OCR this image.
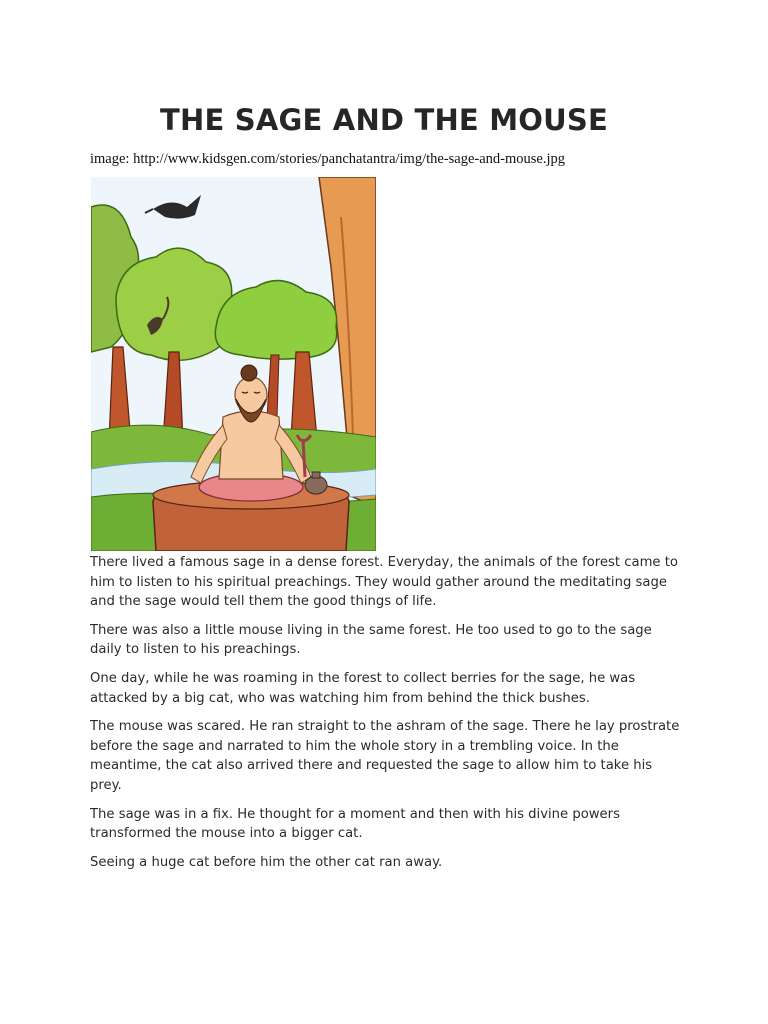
THE SAGE AND THE MOUSE
image: http://www.kidsgen.com/stories/panchatantra/img/the-sage-and-mouse.jpg

There lived a famous sage in a dense forest. Everyday, the animals of the forest came to him to listen to his spiritual preachings. They would gather around the meditating sage and the sage would tell them the good things of life.

There was also a little mouse living in the same forest. He too used to go to the sage daily to listen to his preachings.

One day, while he was roaming in the forest to collect berries for the sage, he was attacked by a big cat, who was watching him from behind the thick bushes.

The mouse was scared. He ran straight to the ashram of the sage. There he lay prostrate before the sage and narrated to him the whole story in a trembling voice. In the meantime, the cat also arrived there and requested the sage to allow him to take his prey.

The sage was in a fix. He thought for a moment and then with his divine powers transformed the mouse into a bigger cat.

Seeing a huge cat before him the other cat ran away.
